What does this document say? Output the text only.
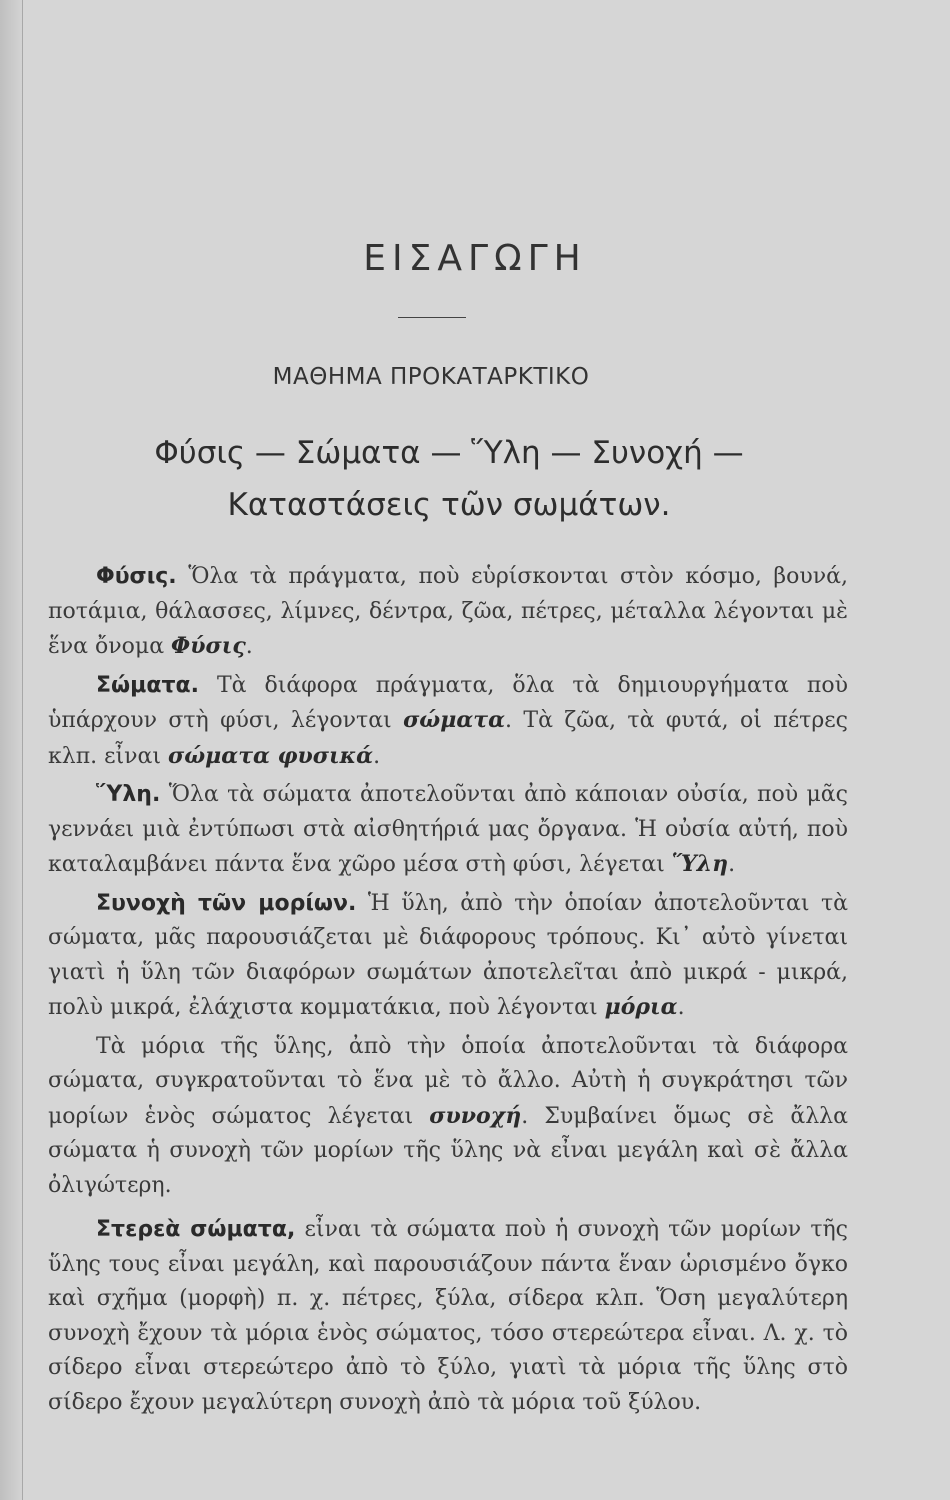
ΕΙΣΑΓΩΓΗ
ΜΑΘΗΜΑ ΠΡΟΚΑΤΑΡΚΤΙΚΟ
Φύσις — Σώματα — Ὕλη — Συνοχή —
Καταστάσεις τῶν σωμάτων.

Φύσις. Ὅλα τὰ πράγματα, ποὺ εὑρίσκονται στὸν κόσμο, βουνά, ποτάμια, θάλασσες, λίμνες, δέντρα, ζῶα, πέτρες, μέταλλα λέγονται μὲ ἕνα ὄνομα Φύσις.

Σώματα. Τὰ διάφορα πράγματα, ὅλα τὰ δημιουργήματα ποὺ ὑπάρχουν στὴ φύσι, λέγονται σώματα. Τὰ ζῶα, τὰ φυτά, οἱ πέτρες κλπ. εἶναι σώματα φυσικά.

Ὕλη. Ὅλα τὰ σώματα ἀποτελοῦνται ἀπὸ κάποιαν οὐσία, ποὺ μᾶς γεννάει μιὰ ἐντύπωσι στὰ αἰσθητήριά μας ὄργανα. Ἡ οὐσία αὐτή, ποὺ καταλαμβάνει πάντα ἕνα χῶρο μέσα στὴ φύσι, λέγεται Ὕλη.

Συνοχὴ τῶν μορίων. Ἡ ὕλη, ἀπὸ τὴν ὁποίαν ἀποτελοῦνται τὰ σώματα, μᾶς παρουσιάζεται μὲ διάφορους τρόπους. Κι᾽ αὐτὸ γίνεται γιατὶ ἡ ὕλη τῶν διαφόρων σωμάτων ἀποτελεῖται ἀπὸ μικρά - μικρά, πολὺ μικρά, ἐλάχιστα κομματάκια, ποὺ λέγονται μόρια.

Τὰ μόρια τῆς ὕλης, ἀπὸ τὴν ὁποία ἀποτελοῦνται τὰ διάφορα σώματα, συγκρατοῦνται τὸ ἕνα μὲ τὸ ἄλλο. Αὐτὴ ἡ συγκράτησι τῶν μορίων ἑνὸς σώματος λέγεται συνοχή. Συμβαίνει ὅμως σὲ ἄλλα σώματα ἡ συνοχὴ τῶν μορίων τῆς ὕλης νὰ εἶναι μεγάλη καὶ σὲ ἄλλα ὀλιγώτερη.

Στερεὰ σώματα, εἶναι τὰ σώματα ποὺ ἡ συνοχὴ τῶν μορίων τῆς ὕλης τους εἶναι μεγάλη, καὶ παρουσιάζουν πάντα ἕναν ὡρισμένο ὄγκο καὶ σχῆμα (μορφὴ) π. χ. πέτρες, ξύλα, σίδερα κλπ. Ὅση μεγαλύτερη συνοχὴ ἔχουν τὰ μόρια ἑνὸς σώματος, τόσο στερεώτερα εἶναι. Λ. χ. τὸ σίδερο εἶναι στερεώτερο ἀπὸ τὸ ξύλο, γιατὶ τὰ μόρια τῆς ὕλης στὸ σίδερο ἔχουν μεγαλύτερη συνοχὴ ἀπὸ τὰ μόρια τοῦ ξύλου.
